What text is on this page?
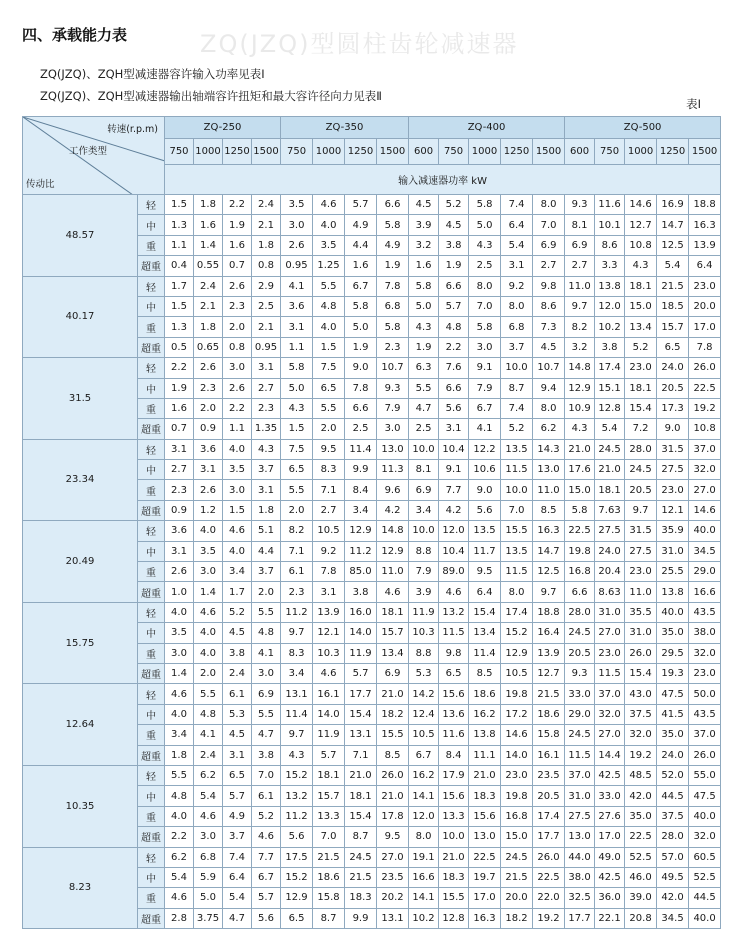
ZQ(JZQ)型圆柱齿轮减速器
四、承载能力表
ZQ(JZQ)、ZQH型减速器容许输入功率见表Ⅰ
ZQ(JZQ)、ZQH型减速器输出轴端容许扭矩和最大容许径向力见表Ⅱ
表Ⅰ
转速(r.p.m)
工作类型
传动比		ZQ-250				ZQ-350				ZQ-400					ZQ-500				
		750	1000	1250	1500	750	1000	1250	1500	600	750	1000	1250	1500	600	750	1000	1250	1500
		输入减速器功率 kW																	
48.57	轻	1.5	1.8	2.2	2.4	3.5	4.6	5.7	6.6	4.5	5.2	5.8	7.4	8.0	9.3	11.6	14.6	16.9	18.8
	中	1.3	1.6	1.9	2.1	3.0	4.0	4.9	5.8	3.9	4.5	5.0	6.4	7.0	8.1	10.1	12.7	14.7	16.3
	重	1.1	1.4	1.6	1.8	2.6	3.5	4.4	4.9	3.2	3.8	4.3	5.4	6.9	6.9	8.6	10.8	12.5	13.9
	超重	0.4	0.55	0.7	0.8	0.95	1.25	1.6	1.9	1.6	1.9	2.5	3.1	2.7	2.7	3.3	4.3	5.4	6.4
40.17	轻	1.7	2.4	2.6	2.9	4.1	5.5	6.7	7.8	5.8	6.6	8.0	9.2	9.8	11.0	13.8	18.1	21.5	23.0
	中	1.5	2.1	2.3	2.5	3.6	4.8	5.8	6.8	5.0	5.7	7.0	8.0	8.6	9.7	12.0	15.0	18.5	20.0
	重	1.3	1.8	2.0	2.1	3.1	4.0	5.0	5.8	4.3	4.8	5.8	6.8	7.3	8.2	10.2	13.4	15.7	17.0
	超重	0.5	0.65	0.8	0.95	1.1	1.5	1.9	2.3	1.9	2.2	3.0	3.7	4.5	3.2	3.8	5.2	6.5	7.8
31.5	轻	2.2	2.6	3.0	3.1	5.8	7.5	9.0	10.7	6.3	7.6	9.1	10.0	10.7	14.8	17.4	23.0	24.0	26.0
	中	1.9	2.3	2.6	2.7	5.0	6.5	7.8	9.3	5.5	6.6	7.9	8.7	9.4	12.9	15.1	18.1	20.5	22.5
	重	1.6	2.0	2.2	2.3	4.3	5.5	6.6	7.9	4.7	5.6	6.7	7.4	8.0	10.9	12.8	15.4	17.3	19.2
	超重	0.7	0.9	1.1	1.35	1.5	2.0	2.5	3.0	2.5	3.1	4.1	5.2	6.2	4.3	5.4	7.2	9.0	10.8
23.34	轻	3.1	3.6	4.0	4.3	7.5	9.5	11.4	13.0	10.0	10.4	12.2	13.5	14.3	21.0	24.5	28.0	31.5	37.0
	中	2.7	3.1	3.5	3.7	6.5	8.3	9.9	11.3	8.1	9.1	10.6	11.5	13.0	17.6	21.0	24.5	27.5	32.0
	重	2.3	2.6	3.0	3.1	5.5	7.1	8.4	9.6	6.9	7.7	9.0	10.0	11.0	15.0	18.1	20.5	23.0	27.0
	超重	0.9	1.2	1.5	1.8	2.0	2.7	3.4	4.2	3.4	4.2	5.6	7.0	8.5	5.8	7.63	9.7	12.1	14.6
20.49	轻	3.6	4.0	4.6	5.1	8.2	10.5	12.9	14.8	10.0	12.0	13.5	15.5	16.3	22.5	27.5	31.5	35.9	40.0
	中	3.1	3.5	4.0	4.4	7.1	9.2	11.2	12.9	8.8	10.4	11.7	13.5	14.7	19.8	24.0	27.5	31.0	34.5
	重	2.6	3.0	3.4	3.7	6.1	7.8	85.0	11.0	7.9	89.0	9.5	11.5	12.5	16.8	20.4	23.0	25.5	29.0
	超重	1.0	1.4	1.7	2.0	2.3	3.1	3.8	4.6	3.9	4.6	6.4	8.0	9.7	6.6	8.63	11.0	13.8	16.6
15.75	轻	4.0	4.6	5.2	5.5	11.2	13.9	16.0	18.1	11.9	13.2	15.4	17.4	18.8	28.0	31.0	35.5	40.0	43.5
	中	3.5	4.0	4.5	4.8	9.7	12.1	14.0	15.7	10.3	11.5	13.4	15.2	16.4	24.5	27.0	31.0	35.0	38.0
	重	3.0	4.0	3.8	4.1	8.3	10.3	11.9	13.4	8.8	9.8	11.4	12.9	13.9	20.5	23.0	26.0	29.5	32.0
	超重	1.4	2.0	2.4	3.0	3.4	4.6	5.7	6.9	5.3	6.5	8.5	10.5	12.7	9.3	11.5	15.4	19.3	23.0
12.64	轻	4.6	5.5	6.1	6.9	13.1	16.1	17.7	21.0	14.2	15.6	18.6	19.8	21.5	33.0	37.0	43.0	47.5	50.0
	中	4.0	4.8	5.3	5.5	11.4	14.0	15.4	18.2	12.4	13.6	16.2	17.2	18.6	29.0	32.0	37.5	41.5	43.5
	重	3.4	4.1	4.5	4.7	9.7	11.9	13.1	15.5	10.5	11.6	13.8	14.6	15.8	24.5	27.0	32.0	35.0	37.0
	超重	1.8	2.4	3.1	3.8	4.3	5.7	7.1	8.5	6.7	8.4	11.1	14.0	16.1	11.5	14.4	19.2	24.0	26.0
10.35	轻	5.5	6.2	6.5	7.0	15.2	18.1	21.0	26.0	16.2	17.9	21.0	23.0	23.5	37.0	42.5	48.5	52.0	55.0
	中	4.8	5.4	5.7	6.1	13.2	15.7	18.1	21.0	14.1	15.6	18.3	19.8	20.5	31.0	33.0	42.0	44.5	47.5
	重	4.0	4.6	4.9	5.2	11.2	13.3	15.4	17.8	12.0	13.3	15.6	16.8	17.4	27.5	27.6	35.0	37.5	40.0
	超重	2.2	3.0	3.7	4.6	5.6	7.0	8.7	9.5	8.0	10.0	13.0	15.0	17.7	13.0	17.0	22.5	28.0	32.0
8.23	轻	6.2	6.8	7.4	7.7	17.5	21.5	24.5	27.0	19.1	21.0	22.5	24.5	26.0	44.0	49.0	52.5	57.0	60.5
	中	5.4	5.9	6.4	6.7	15.2	18.6	21.5	23.5	16.6	18.3	19.7	21.5	22.5	38.0	42.5	46.0	49.5	52.5
	重	4.6	5.0	5.4	5.7	12.9	15.8	18.3	20.2	14.1	15.5	17.0	20.0	22.0	32.5	36.0	39.0	42.0	44.5
	超重	2.8	3.75	4.7	5.6	6.5	8.7	9.9	13.1	10.2	12.8	16.3	18.2	19.2	17.7	22.1	20.8	34.5	40.0
